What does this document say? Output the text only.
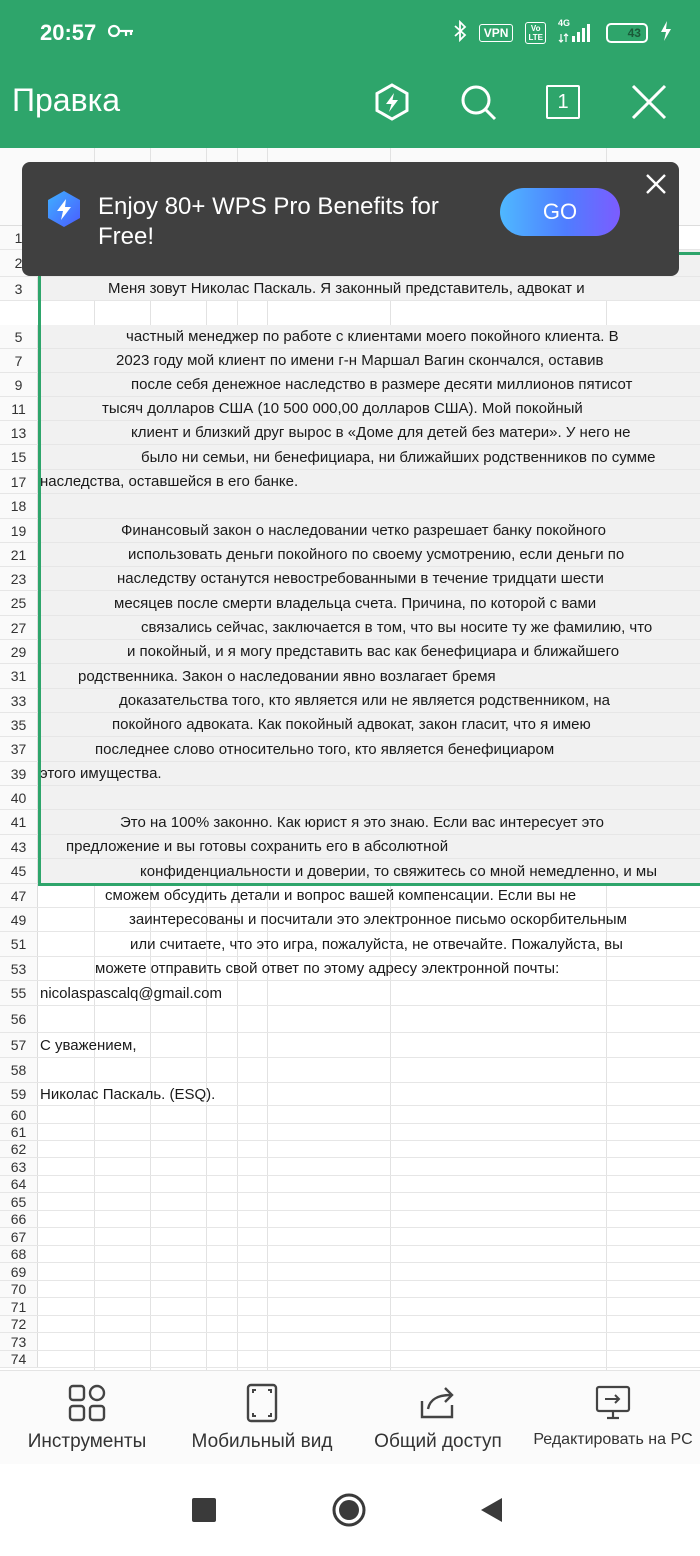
20:57	VPN	Vo
LTE
4G
43
Правка	1
1
2
3	Меня зовут Николас Паскаль. Я законный представитель, адвокат и
5	частный менеджер по работе с клиентами моего покойного клиента. В
7	2023 году мой клиент по имени г-н Маршал Вагин скончался, оставив
9	после себя денежное наследство в размере десяти миллионов пятисот
11	тысяч долларов США (10 500 000,00 долларов США). Мой покойный
13	клиент и близкий друг вырос в «Доме для детей без матери». У него не
15	было ни семьи, ни бенефициара, ни ближайших родственников по сумме
17 наследства, оставшейся в его банке.
18
19	Финансовый закон о наследовании четко разрешает банку покойного
21	использовать деньги покойного по своему усмотрению, если деньги по
23	наследству останутся невостребованными в течение тридцати шести
25	месяцев после смерти владельца счета. Причина, по которой с вами
27	связались сейчас, заключается в том, что вы носите ту же фамилию, что
29	и покойный, и я могу представить вас как бенефициара и ближайшего
31	родственника. Закон о наследовании явно возлагает бремя
33	доказательства того, кто является или не является родственником, на
35	покойного адвоката. Как покойный адвокат, закон гласит, что я имею
37	последнее слово относительно того, кто является бенефициаром
39 этого имущества.
40
41	Это на 100% законно. Как юрист я это знаю. Если вас интересует это
43	предложение и вы готовы сохранить его в абсолютной
45	конфиденциальности и доверии, то свяжитесь со мной немедленно, и мы
47	сможем обсудить детали и вопрос вашей компенсации. Если вы не
49	заинтересованы и посчитали это электронное письмо оскорбительным
51	или считаете, что это игра, пожалуйста, не отвечайте. Пожалуйста, вы
53	можете отправить свой ответ по этому адресу электронной почты:
55 nicolaspascalq@gmail.com
56
57 С уважением,
58
59 Николас Паскаль. (ESQ).
60
61
62
63
64
65
66
67
68
69
70
71
72
73
74
Enjoy 80+ WPS Pro Benefits for Free!
GO
Инструменты Мобильный вид Общий доступ Редактировать на PC
